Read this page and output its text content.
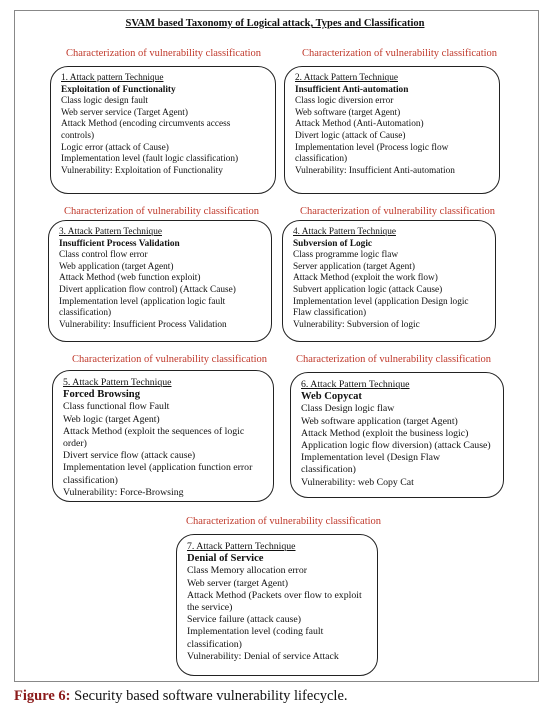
SVAM based Taxonomy of Logical attack, Types and Classification
Characterization of vulnerability classification	Characterization of vulnerability classification
Characterization of vulnerability classification	Characterization of vulnerability classification
Characterization of vulnerability classification	Characterization of vulnerability classification
Characterization of vulnerability classification
1. Attack pattern Technique
Exploitation of Functionality
Class logic design fault
Web server service (Target Agent)
Attack Method (encoding circumvents access controls)
Logic error (attack of Cause)
Implementation level (fault logic classification)
Vulnerability: Exploitation of Functionality
2. Attack Pattern Technique
Insufficient Anti-automation
Class logic diversion error
Web software (target Agent)
Attack Method (Anti-Automation)
Divert logic (attack of Cause)
Implementation level (Process logic flow classification)
Vulnerability: Insufficient Anti-automation
3. Attack Pattern Technique
Insufficient Process Validation
Class control flow error
Web application (target Agent)
Attack Method (web function exploit)
Divert application flow control) (Attack Cause)
Implementation level (application logic fault classification)
Vulnerability: Insufficient Process Validation
4. Attack Pattern Technique
Subversion of Logic
Class programme logic flaw
Server application (target Agent)
Attack Method (exploit the work flow)
Subvert application logic (attack Cause)
Implementation level (application Design logic Flaw classification)
Vulnerability: Subversion of logic
5. Attack Pattern Technique
Forced Browsing
Class functional flow Fault
Web logic (target Agent)
Attack Method (exploit the sequences of logic order)
Divert service flow (attack cause)
Implementation level (application function error classification)
Vulnerability: Force-Browsing
6. Attack Pattern Technique
Web Copycat
Class Design logic flaw
Web software application (target Agent)
Attack Method (exploit the business logic)
Application logic flow diversion) (attack Cause)
Implementation level (Design Flaw classification)
Vulnerability: web Copy Cat
7. Attack Pattern Technique
Denial of Service
Class Memory allocation error
Web server (target Agent)
Attack Method (Packets over flow to exploit the service)
Service failure (attack cause)
Implementation level (coding fault classification)
Vulnerability: Denial of service Attack
Figure 6: Security based software vulnerability lifecycle.
